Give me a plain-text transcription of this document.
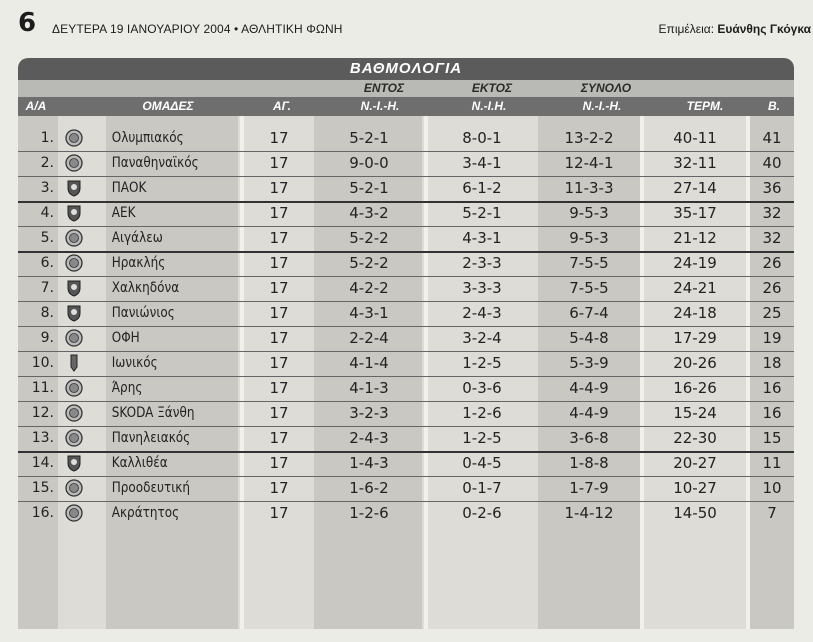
6 ΔΕΥΤΕΡΑ 19 ΙΑΝΟΥΑΡΙΟΥ 2004 • ΑΘΛΗΤΙΚΗ ΦΩΝΗ	Επιμέλεια: Ευάνθης Γκόγκα
ΒΑΘΜΟΛΟΓΙΑ
ΕΝΤΟΣ	ΕΚΤΟΣ	ΣΥΝΟΛΟ
Α/Α	ΟΜΑΔΕΣ	ΑΓ.	Ν.-Ι.-Η.	Ν.-Ι.Η.	Ν.-Ι.-Η.	ΤΕΡΜ.	Β.
1.	Ολυμπιακός	17	5-2-1	8-0-1	13-2-2	40-11	41
2.	Παναθηναϊκός	17	9-0-0	3-4-1	12-4-1	32-11	40
3.	ΠΑΟΚ	17	5-2-1	6-1-2	11-3-3	27-14	36
4.	ΑΕΚ	17	4-3-2	5-2-1	9-5-3	35-17	32
5.	Αιγάλεω	17	5-2-2	4-3-1	9-5-3	21-12	32
6.	Ηρακλής	17	5-2-2	2-3-3	7-5-5	24-19	26
7.	Χαλκηδόνα	17	4-2-2	3-3-3	7-5-5	24-21	26
8.	Πανιώνιος	17	4-3-1	2-4-3	6-7-4	24-18	25
9.	ΟΦΗ	17	2-2-4	3-2-4	5-4-8	17-29	19
10.	Ιωνικός	17	4-1-4	1-2-5	5-3-9	20-26	18
11.	Άρης	17	4-1-3	0-3-6	4-4-9	16-26	16
12.	SKODA Ξάνθη	17	3-2-3	1-2-6	4-4-9	15-24	16
13.	Πανηλειακός	17	2-4-3	1-2-5	3-6-8	22-30	15
14.	Καλλιθέα	17	1-4-3	0-4-5	1-8-8	20-27	11
15.	Προοδευτική	17	1-6-2	0-1-7	1-7-9	10-27	10
16.	Ακράτητος	17	1-2-6	0-2-6	1-4-12	14-50	7
